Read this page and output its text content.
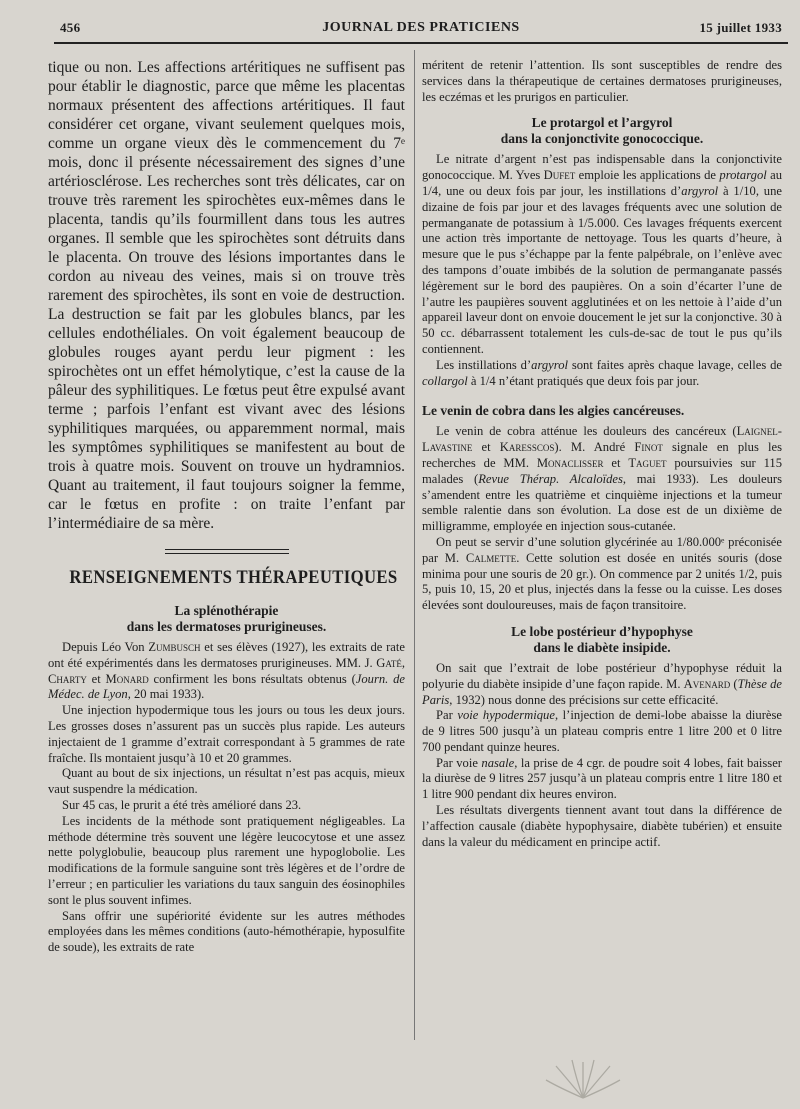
456	JOURNAL DES PRATICIENS	15 juillet 1933

tique ou non. Les affections artéritiques ne suffisent pas pour établir le diagnostic, parce que même les placentas normaux présentent des affections artéritiques. Il faut considérer cet organe, vivant seulement quelques mois, comme un organe vieux dès le commencement du 7ᵉ mois, donc il présente nécessairement des signes d’une artériosclérose. Les recherches sont très délicates, car on trouve très rarement les spirochètes eux-mêmes dans le placenta, tandis qu’ils fourmillent dans tous les autres organes. Il semble que les spirochètes sont détruits dans le placenta. On trouve des lésions importantes dans le cordon au niveau des veines, mais si on trouve très rarement des spirochètes, ils sont en voie de destruction. La destruction se fait par les globules blancs, par les cellules endothéliales. On voit également beaucoup de globules rouges ayant perdu leur pigment : les spirochètes ont un effet hémolytique, c’est la cause de la pâleur des syphilitiques. Le fœtus peut être expulsé avant terme ; parfois l’enfant est vivant avec des lésions syphilitiques marquées, ou apparemment normal, mais les symptômes syphilitiques se manifestent au bout de trois à quatre mois. Souvent on trouve un hydramnios. Quant au traitement, il faut toujours soigner la femme, car le fœtus en profite : on traite l’enfant par l’intermédiaire de sa mère.

RENSEIGNEMENTS THÉRAPEUTIQUES
La splénothérapie
dans les dermatoses prurigineuses.

Depuis Léo Von Zumbusch et ses élèves (1927), les extraits de rate ont été expérimentés dans les dermatoses prurigineuses. MM. J. Gaté, Charty et Monard confirment les bons résultats obtenus (Journ. de Médec. de Lyon, 20 mai 1933).

Une injection hypodermique tous les jours ou tous les deux jours. Les grosses doses n’assurent pas un succès plus rapide. Les auteurs injectaient de 1 gramme d’extrait correspondant à 5 grammes de rate fraîche. Ils montaient jusqu’à 10 et 20 grammes.

Quant au bout de six injections, un résultat n’est pas acquis, mieux vaut suspendre la médication.

Sur 45 cas, le prurit a été très amélioré dans 23.

Les incidents de la méthode sont pratiquement négligeables. La méthode détermine très souvent une légère leucocytose et une assez nette polyglobulie, beaucoup plus rarement une hypoglobolie. Les modifications de la formule sanguine sont très légères et de l’ordre de l’erreur ; en particulier les variations du taux sanguin des éosinophiles sont le plus souvent infimes.

Sans offrir une supériorité évidente sur les autres méthodes employées dans les mêmes conditions (auto-hémothérapie, hyposulfite de soude), les extraits de rate

méritent de retenir l’attention. Ils sont susceptibles de rendre des services dans la thérapeutique de certaines dermatoses prurigineuses, les eczémas et les prurigos en particulier.

Le protargol et l’argyrol
dans la conjonctivite gonococcique.

Le nitrate d’argent n’est pas indispensable dans la conjonctivite gonococcique. M. Yves Dufet emploie les applications de protargol au 1/4, une ou deux fois par jour, les instillations d’argyrol à 1/10, une dizaine de fois par jour et des lavages fréquents avec une solution de permanganate de potassium à 1/5.000. Ces lavages fréquents exercent une action très importante de nettoyage. Tous les quarts d’heure, à mesure que le pus s’échappe par la fente palpébrale, on l’enlève avec des tampons d’ouate imbibés de la solution de permanganate passés légèrement sur le bord des paupières. On a soin d’écarter l’une de l’autre les paupières souvent agglutinées et on les nettoie à l’aide d’un appareil laveur dont on envoie doucement le jet sur la conjonctive. 30 à 50 cc. débarrassent totalement les culs-de-sac de tout le pus qu’ils contiennent.

Les instillations d’argyrol sont faites après chaque lavage, celles de collargol à 1/4 n’étant pratiqués que deux fois par jour.

Le venin de cobra dans les algies cancéreuses.

Le venin de cobra atténue les douleurs des cancéreux (Laignel-Lavastine et Karesscos). M. André Finot signale en plus les recherches de MM. Monaclisser et Taguet poursuivies sur 115 malades (Revue Thérap. Alcaloïdes, mai 1933). Les douleurs s’amendent entre les quatrième et cinquième injections et la tumeur semble ralentie dans son évolution. La dose est de un dixième de milligramme, employée en injection sous-cutanée.

On peut se servir d’une solution glycérinée au 1/80.000ᵉ préconisée par M. Calmette. Cette solution est dosée en unités souris (dose minima pour une souris de 20 gr.). On commence par 2 unités 1/2, puis 5, puis 10, 15, 20 et plus, injectés dans la fesse ou la cuisse. Les doses élevées sont douloureuses, mais de façon transitoire.

Le lobe postérieur d’hypophyse
dans le diabète insipide.

On sait que l’extrait de lobe postérieur d’hypophyse réduit la polyurie du diabète insipide d’une façon rapide. M. Avenard (Thèse de Paris, 1932) nous donne des précisions sur cette efficacité.

Par voie hypodermique, l’injection de demi-lobe abaisse la diurèse de 9 litres 500 jusqu’à un plateau compris entre 1 litre 200 et 0 litre 700 pendant quinze heures.

Par voie nasale, la prise de 4 cgr. de poudre soit 4 lobes, fait baisser la diurèse de 9 litres 257 jusqu’à un plateau compris entre 1 litre 180 et 1 litre 900 pendant dix heures environ.

Les résultats divergents tiennent avant tout dans la différence de l’affection causale (diabète hypophysaire, diabète tubérien) et ensuite dans la valeur du médicament en principe actif.
